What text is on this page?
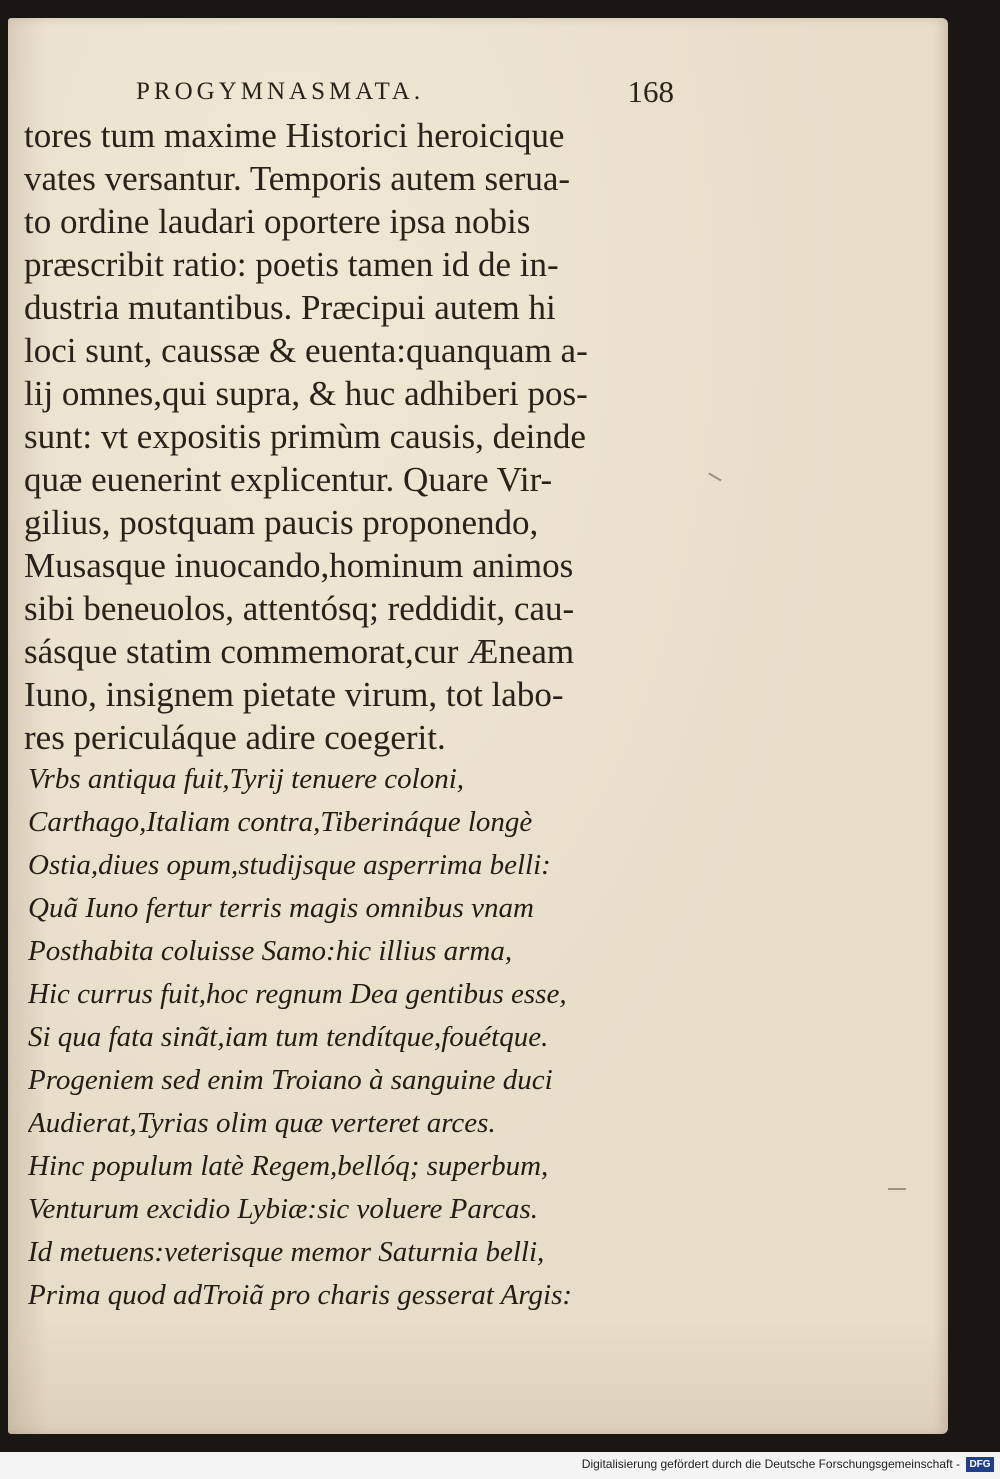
PROGYMNASMATA.	168
tores tum maxime Historici heroicique
vates versantur. Temporis autem serua-
to ordine laudari oportere ipsa nobis
præscribit ratio: poetis tamen id de in-
dustria mutantibus. Præcipui autem hi
loci sunt, caussæ & euenta:quanquam a-
lij omnes,qui supra, & huc adhiberi pos-
sunt: vt expositis primùm causis, deinde
quæ euenerint explicentur. Quare Vir-
gilius, postquam paucis proponendo,
Musasque inuocando,hominum animos
sibi beneuolos, attentósq; reddidit, cau-
sásque statim commemorat,cur Æneam
Iuno, insignem pietate virum, tot labo-
res periculáque adire coegerit.
Vrbs antiqua fuit,Tyrij tenuere coloni,
Carthago,Italiam contra,Tiberináque longè
Ostia,diues opum,studijsque asperrima belli:
Quã Iuno fertur terris magis omnibus vnam
Posthabita coluisse Samo:hic illius arma,
Hic currus fuit,hoc regnum Dea gentibus esse,
Si qua fata sinãt,iam tum tendítque,fouétque.
Progeniem sed enim Troiano à sanguine duci
Audierat,Tyrias olim quæ verteret arces.
Hinc populum latè Regem,bellóq; superbum,
Venturum excidio Lybiæ:sic voluere Parcas.
Id metuens:veterisque memor Saturnia belli,
Prima quod adTroiã pro charis gesserat Argis:
Digitalisierung gefördert durch die Deutsche Forschungsgemeinschaft - DFG
